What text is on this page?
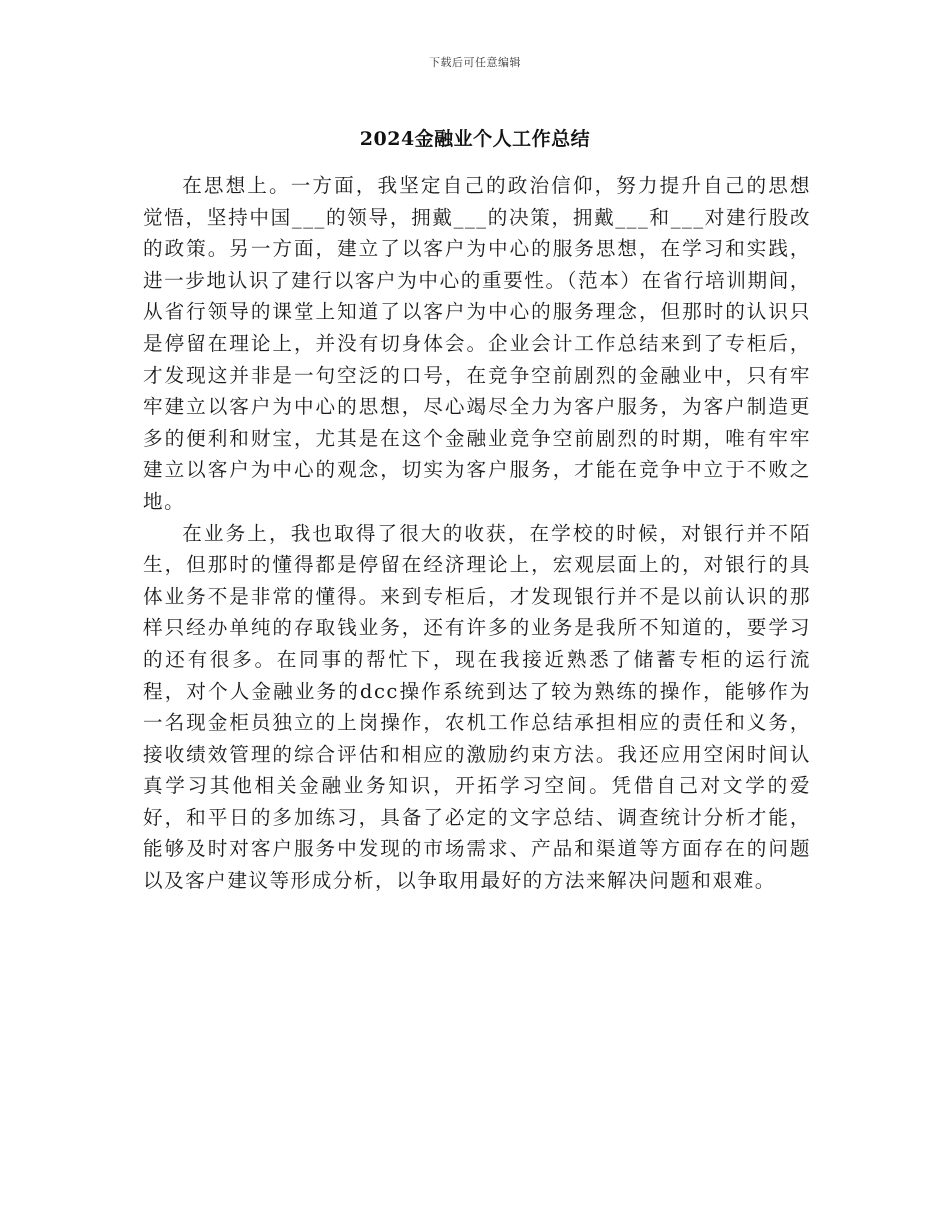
下载后可任意编辑
2024金融业个人工作总结

在思想上。一方面，我坚定自己的政治信仰，努力提升自己的思想觉悟，坚持中国___的领导，拥戴___的决策，拥戴___和___对建行股改的政策。另一方面，建立了以客户为中心的服务思想，在学习和实践，进一步地认识了建行以客户为中心的重要性。（范本）在省行培训期间，从省行领导的课堂上知道了以客户为中心的服务理念，但那时的认识只是停留在理论上，并没有切身体会。企业会计工作总结来到了专柜后，才发现这并非是一句空泛的口号，在竞争空前剧烈的金融业中，只有牢牢建立以客户为中心的思想，尽心竭尽全力为客户服务，为客户制造更多的便利和财宝，尤其是在这个金融业竞争空前剧烈的时期，唯有牢牢建立以客户为中心的观念，切实为客户服务，才能在竞争中立于不败之地。

在业务上，我也取得了很大的收获，在学校的时候，对银行并不陌生，但那时的懂得都是停留在经济理论上，宏观层面上的，对银行的具体业务不是非常的懂得。来到专柜后，才发现银行并不是以前认识的那样只经办单纯的存取钱业务，还有许多的业务是我所不知道的，要学习的还有很多。在同事的帮忙下，现在我接近熟悉了储蓄专柜的运行流程，对个人金融业务的dcc操作系统到达了较为熟练的操作，能够作为一名现金柜员独立的上岗操作，农机工作总结承担相应的责任和义务，接收绩效管理的综合评估和相应的激励约束方法。我还应用空闲时间认真学习其他相关金融业务知识，开拓学习空间。凭借自己对文学的爱好，和平日的多加练习，具备了必定的文字总结、调查统计分析才能，能够及时对客户服务中发现的市场需求、产品和渠道等方面存在的问题以及客户建议等形成分析，以争取用最好的方法来解决问题和艰难。
